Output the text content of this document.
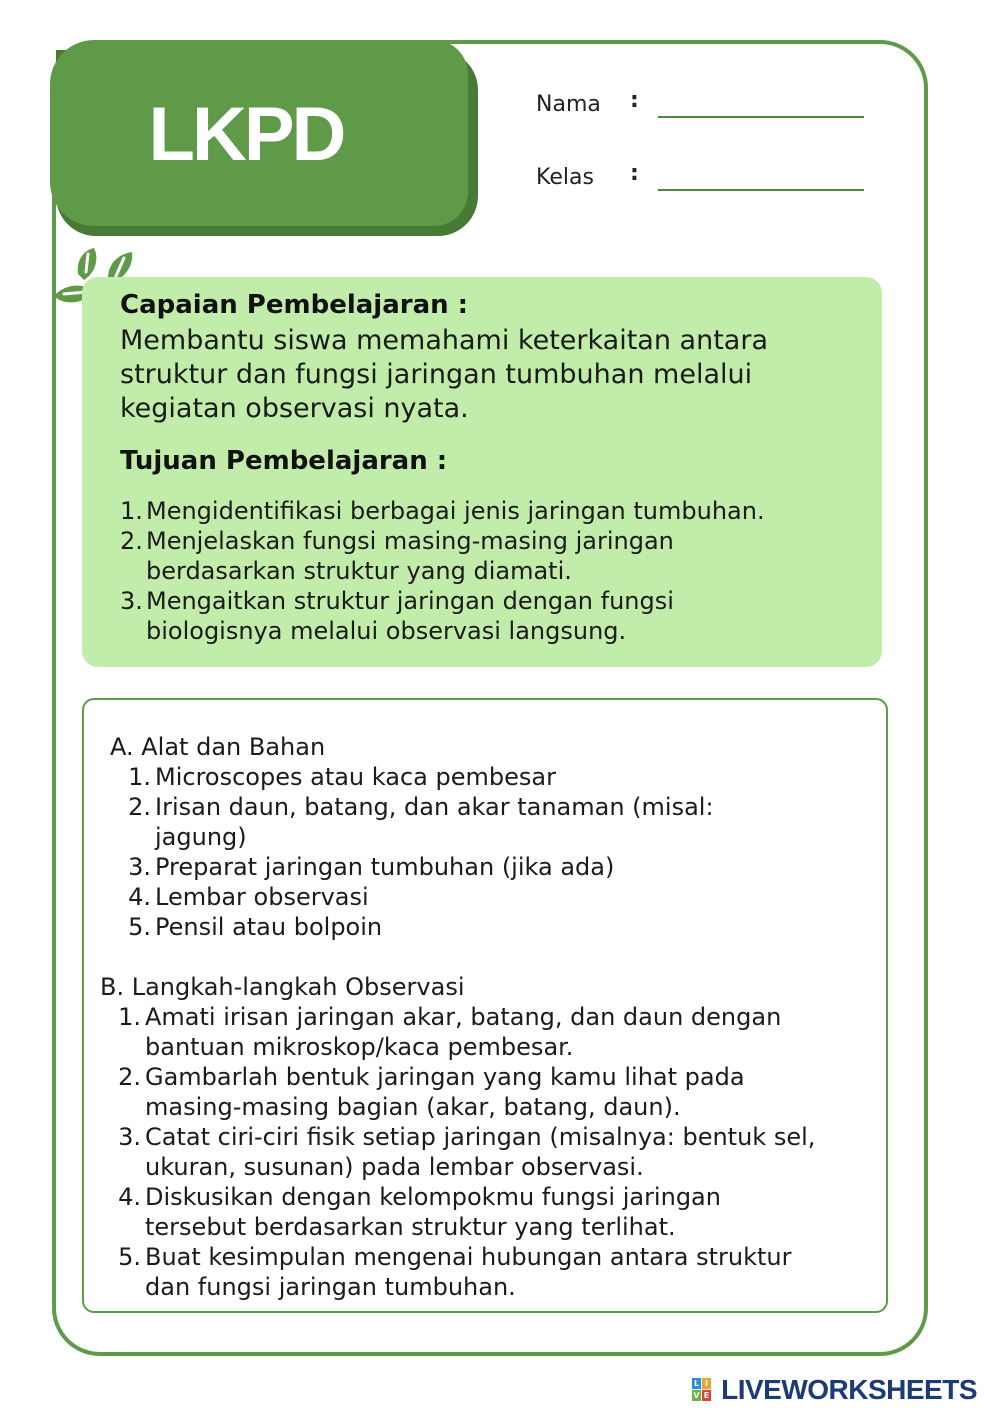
LKPD	Nama :
Kelas :
Capaian Pembelajaran :
Membantu siswa memahami keterkaitan antara
struktur dan fungsi jaringan tumbuhan melalui
kegiatan observasi nyata.
Tujuan Pembelajaran :
1. Mengidentifikasi berbagai jenis jaringan tumbuhan.
2. Menjelaskan fungsi masing-masing jaringan
berdasarkan struktur yang diamati.
3. Mengaitkan struktur jaringan dengan fungsi
biologisnya melalui observasi langsung.
A. Alat dan Bahan
1. Microscopes atau kaca pembesar
2. Irisan daun, batang, dan akar tanaman (misal:
jagung)
3. Preparat jaringan tumbuhan (jika ada)
4. Lembar observasi
5. Pensil atau bolpoin
B. Langkah-langkah Observasi
1. Amati irisan jaringan akar, batang, dan daun dengan
bantuan mikroskop/kaca pembesar.
2. Gambarlah bentuk jaringan yang kamu lihat pada
masing-masing bagian (akar, batang, daun).
3. Catat ciri-ciri fisik setiap jaringan (misalnya: bentuk sel,
ukuran, susunan) pada lembar observasi.
4. Diskusikan dengan kelompokmu fungsi jaringan
tersebut berdasarkan struktur yang terlihat.
5. Buat kesimpulan mengenai hubungan antara struktur
dan fungsi jaringan tumbuhan.
L I
V E LIVEWORKSHEETS
